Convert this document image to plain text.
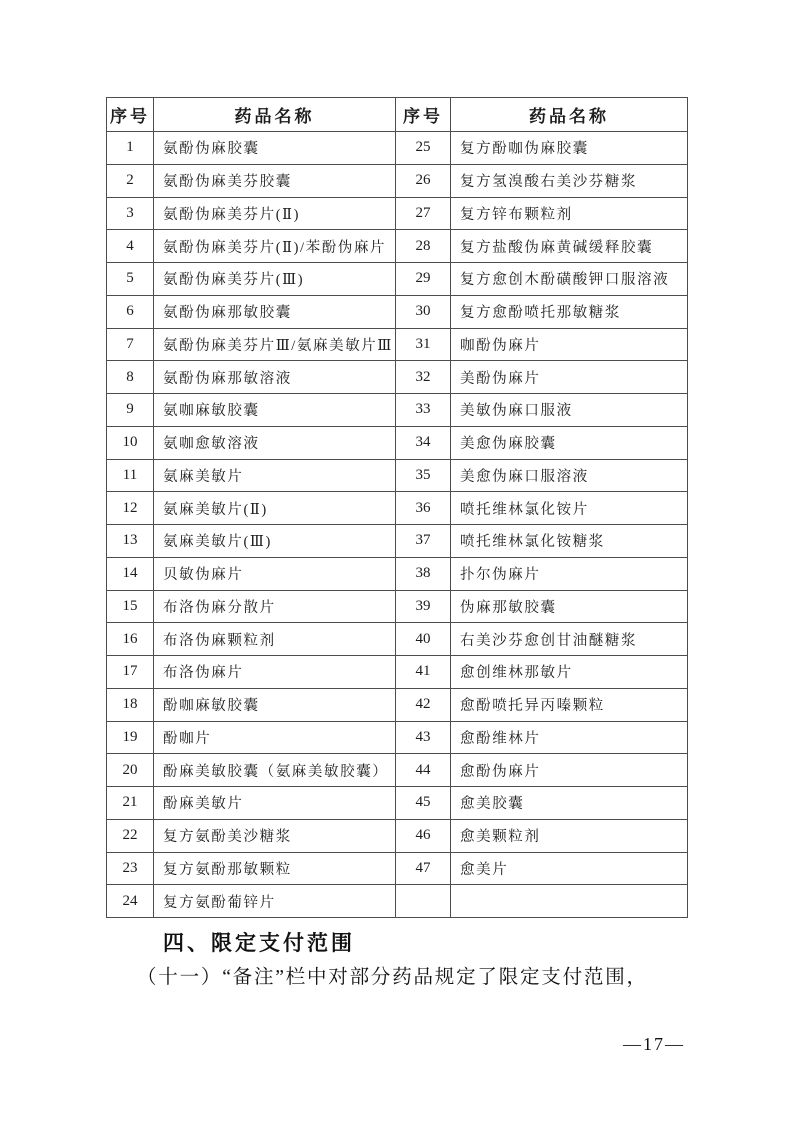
序号	药品名称	序号	药品名称
1	氨酚伪麻胶囊	25	复方酚咖伪麻胶囊
2	氨酚伪麻美芬胶囊	26	复方氢溴酸右美沙芬糖浆
3	氨酚伪麻美芬片(Ⅱ)	27	复方锌布颗粒剂
4	氨酚伪麻美芬片(Ⅱ)/苯酚伪麻片	28	复方盐酸伪麻黄碱缓释胶囊
5	氨酚伪麻美芬片(Ⅲ)	29	复方愈创木酚磺酸钾口服溶液
6	氨酚伪麻那敏胶囊	30	复方愈酚喷托那敏糖浆
7	氨酚伪麻美芬片Ⅲ/氨麻美敏片Ⅲ	31	咖酚伪麻片
8	氨酚伪麻那敏溶液	32	美酚伪麻片
9	氨咖麻敏胶囊	33	美敏伪麻口服液
10	氨咖愈敏溶液	34	美愈伪麻胶囊
11	氨麻美敏片	35	美愈伪麻口服溶液
12	氨麻美敏片(Ⅱ)	36	喷托维林氯化铵片
13	氨麻美敏片(Ⅲ)	37	喷托维林氯化铵糖浆
14	贝敏伪麻片	38	扑尔伪麻片
15	布洛伪麻分散片	39	伪麻那敏胶囊
16	布洛伪麻颗粒剂	40	右美沙芬愈创甘油醚糖浆
17	布洛伪麻片	41	愈创维林那敏片
18	酚咖麻敏胶囊	42	愈酚喷托异丙嗪颗粒
19	酚咖片	43	愈酚维林片
20	酚麻美敏胶囊（氨麻美敏胶囊）	44	愈酚伪麻片
21	酚麻美敏片	45	愈美胶囊
22	复方氨酚美沙糖浆	46	愈美颗粒剂
23	复方氨酚那敏颗粒	47	愈美片
24	复方氨酚葡锌片		
四、限定支付范围

（十一）“备注”栏中对部分药品规定了限定支付范围，

—17—
